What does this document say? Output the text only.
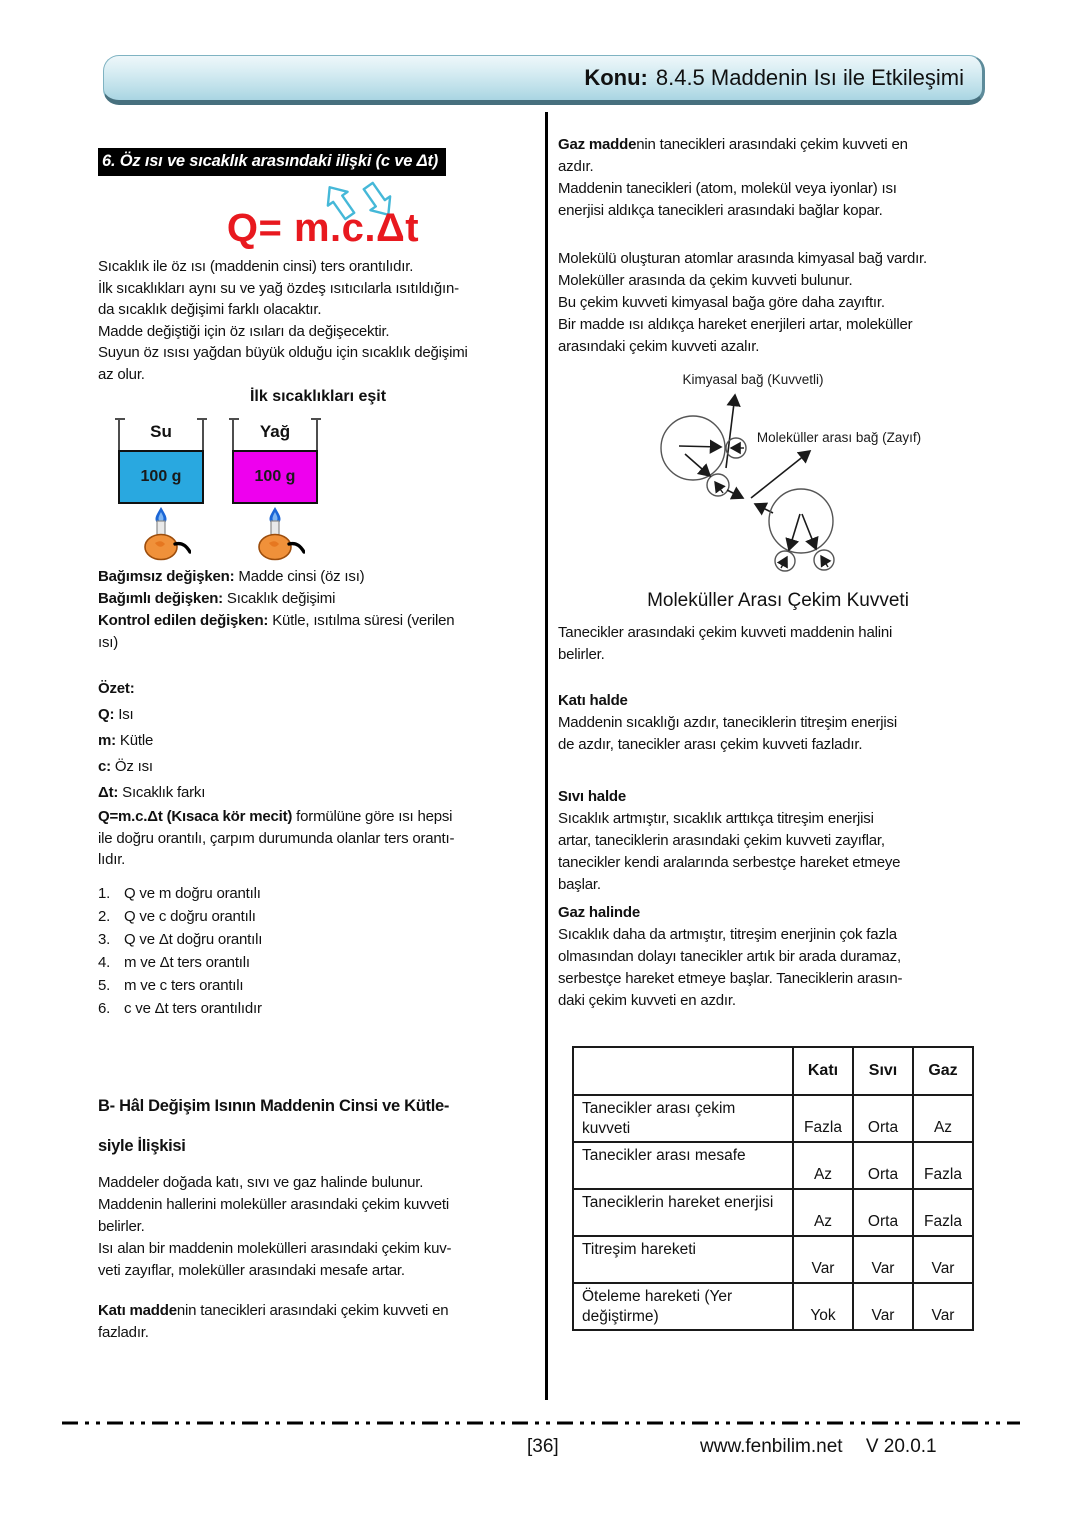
Konu: 8.4.5 Maddenin Isı ile Etkileşimi
6. Öz ısı ve sıcaklık arasındaki ilişki (c ve Δt)
Q= m.c.Δt
Sıcaklık ile öz ısı (maddenin cinsi) ters orantılıdır.
İlk sıcaklıkları aynı su ve yağ özdeş ısıtıcılarla ısıtıldığın-
da sıcaklık değişimi farklı olacaktır.
Madde değiştiği için öz ısıları da değişecektir.
Suyun öz ısısı yağdan büyük olduğu için sıcaklık değişimi
az olur.
İlk sıcaklıkları eşit
Su
100 g
Yağ
100 g
Bağımsız değişken: Madde cinsi (öz ısı)
Bağımlı değişken: Sıcaklık değişimi
Kontrol edilen değişken: Kütle, ısıtılma süresi (verilen
ısı)
Özet:
Q: Isı
m: Kütle
c: Öz ısı
Δt: Sıcaklık farkı
Q=m.c.Δt (Kısaca kör mecit) formülüne göre ısı hepsi
ile doğru orantılı, çarpım durumunda olanlar ters orantı-
lıdır.
Q ve m doğru orantılı
Q ve c doğru orantılı
Q ve Δt doğru orantılı
m ve Δt ters orantılı
m ve c ters orantılı
c ve Δt ters orantılıdır
B- Hâl Değişim Isının Maddenin Cinsi ve Kütle-
siyle İlişkisi
Maddeler doğada katı, sıvı ve gaz halinde bulunur.
Maddenin hallerini moleküller arasındaki çekim kuvveti
belirler.
Isı alan bir maddenin molekülleri arasındaki çekim kuv-
veti zayıflar, moleküller arasındaki mesafe artar.
Katı maddenin tanecikleri arasındaki çekim kuvveti en
fazladır.
Gaz maddenin tanecikleri arasındaki çekim kuvveti en
azdır.
Maddenin tanecikleri (atom, molekül veya iyonlar) ısı
enerjisi aldıkça tanecikleri arasındaki bağlar kopar.
Molekülü oluşturan atomlar arasında kimyasal bağ vardır.
Moleküller arasında da çekim kuvveti bulunur.
Bu çekim kuvveti kimyasal bağa göre daha zayıftır.
Bir madde ısı aldıkça hareket enerjileri artar, moleküller
arasındaki çekim kuvveti azalır.
Kimyasal bağ (Kuvvetli)
Moleküller arası bağ (Zayıf)
Moleküller Arası Çekim Kuvveti
Tanecikler arasındaki çekim kuvveti maddenin halini
belirler.
Katı halde
Maddenin sıcaklığı azdır, taneciklerin titreşim enerjisi
de azdır, tanecikler arası çekim kuvveti fazladır.
Sıvı halde
Sıcaklık artmıştır, sıcaklık arttıkça titreşim enerjisi
artar, taneciklerin arasındaki çekim kuvveti zayıflar,
tanecikler kendi aralarında serbestçe hareket etmeye
başlar.
Gaz halinde
Sıcaklık daha da artmıştır, titreşim enerjinin çok fazla
olmasından dolayı tanecikler artık bir arada duramaz,
serbestçe hareket etmeye başlar. Taneciklerin arasın-
daki çekim kuvveti en azdır.
	Katı	Sıvı	Gaz
Tanecikler arası çekim kuvveti	Fazla	Orta	Az
Tanecikler arası mesafe	Az	Orta	Fazla
Taneciklerin hareket enerjisi	Az	Orta	Fazla
Titreşim hareketi	Var	Var	Var
Öteleme hareketi (Yer değiştirme)	Yok	Var	Var
[36]	www.fenbilim.net V 20.0.1
